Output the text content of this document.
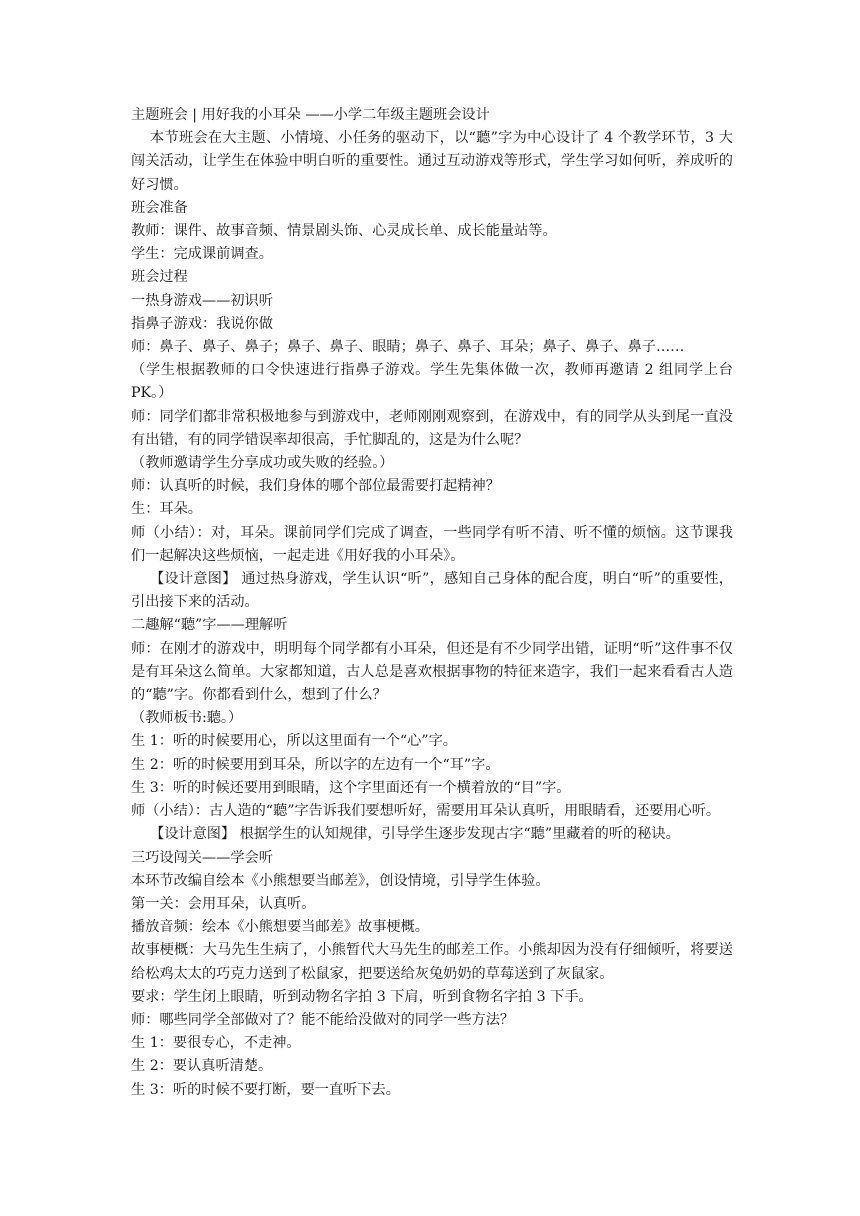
主题班会 | 用好我的小耳朵 ——小学二年级主题班会设计
本节班会在大主题、小情境、小任务的驱动下，以“聽”字为中心设计了 4 个教学环节，3 大闯关活动，让学生在体验中明白听的重要性。通过互动游戏等形式，学生学习如何听，养成听的好习惯。
班会准备
教师：课件、故事音频、情景剧头饰、心灵成长单、成长能量站等。
学生：完成课前调查。
班会过程
一热身游戏——初识听
指鼻子游戏：我说你做
师：鼻子、鼻子、鼻子；鼻子、鼻子、眼睛；鼻子、鼻子、耳朵；鼻子、鼻子、鼻子……
（学生根据教师的口令快速进行指鼻子游戏。学生先集体做一次，教师再邀请 2 组同学上台 PK。）
师：同学们都非常积极地参与到游戏中，老师刚刚观察到，在游戏中，有的同学从头到尾一直没有出错，有的同学错误率却很高，手忙脚乱的，这是为什么呢？
（教师邀请学生分享成功或失败的经验。）
师：认真听的时候，我们身体的哪个部位最需要打起精神？
生：耳朵。
师（小结）：对，耳朵。课前同学们完成了调查，一些同学有听不清、听不懂的烦恼。这节课我们一起解决这些烦恼，一起走进《用好我的小耳朵》。
【设计意图】 通过热身游戏，学生认识“听”，感知自己身体的配合度，明白“听”的重要性，引出接下来的活动。
二趣解“聽”字——理解听
师：在刚才的游戏中，明明每个同学都有小耳朵，但还是有不少同学出错，证明“听”这件事不仅是有耳朵这么简单。大家都知道，古人总是喜欢根据事物的特征来造字，我们一起来看看古人造的“聽”字。你都看到什么，想到了什么？
（教师板书:聽。）
生 1：听的时候要用心，所以这里面有一个“心”字。
生 2：听的时候要用到耳朵，所以字的左边有一个“耳”字。
生 3：听的时候还要用到眼睛，这个字里面还有一个横着放的“目”字。
师（小结）：古人造的“聽”字告诉我们要想听好，需要用耳朵认真听，用眼睛看，还要用心听。
【设计意图】 根据学生的认知规律，引导学生逐步发现古字“聽”里藏着的听的秘诀。
三巧设闯关——学会听
本环节改编自绘本《小熊想要当邮差》，创设情境，引导学生体验。
第一关：会用耳朵，认真听。
播放音频：绘本《小熊想要当邮差》故事梗概。
故事梗概：大马先生生病了，小熊暂代大马先生的邮差工作。小熊却因为没有仔细倾听，将要送给松鸡太太的巧克力送到了松鼠家，把要送给灰兔奶奶的草莓送到了灰鼠家。
要求：学生闭上眼睛，听到动物名字拍 3 下肩，听到食物名字拍 3 下手。
师：哪些同学全部做对了？能不能给没做对的同学一些方法？
生 1：要很专心，不走神。
生 2：要认真听清楚。
生 3：听的时候不要打断，要一直听下去。
